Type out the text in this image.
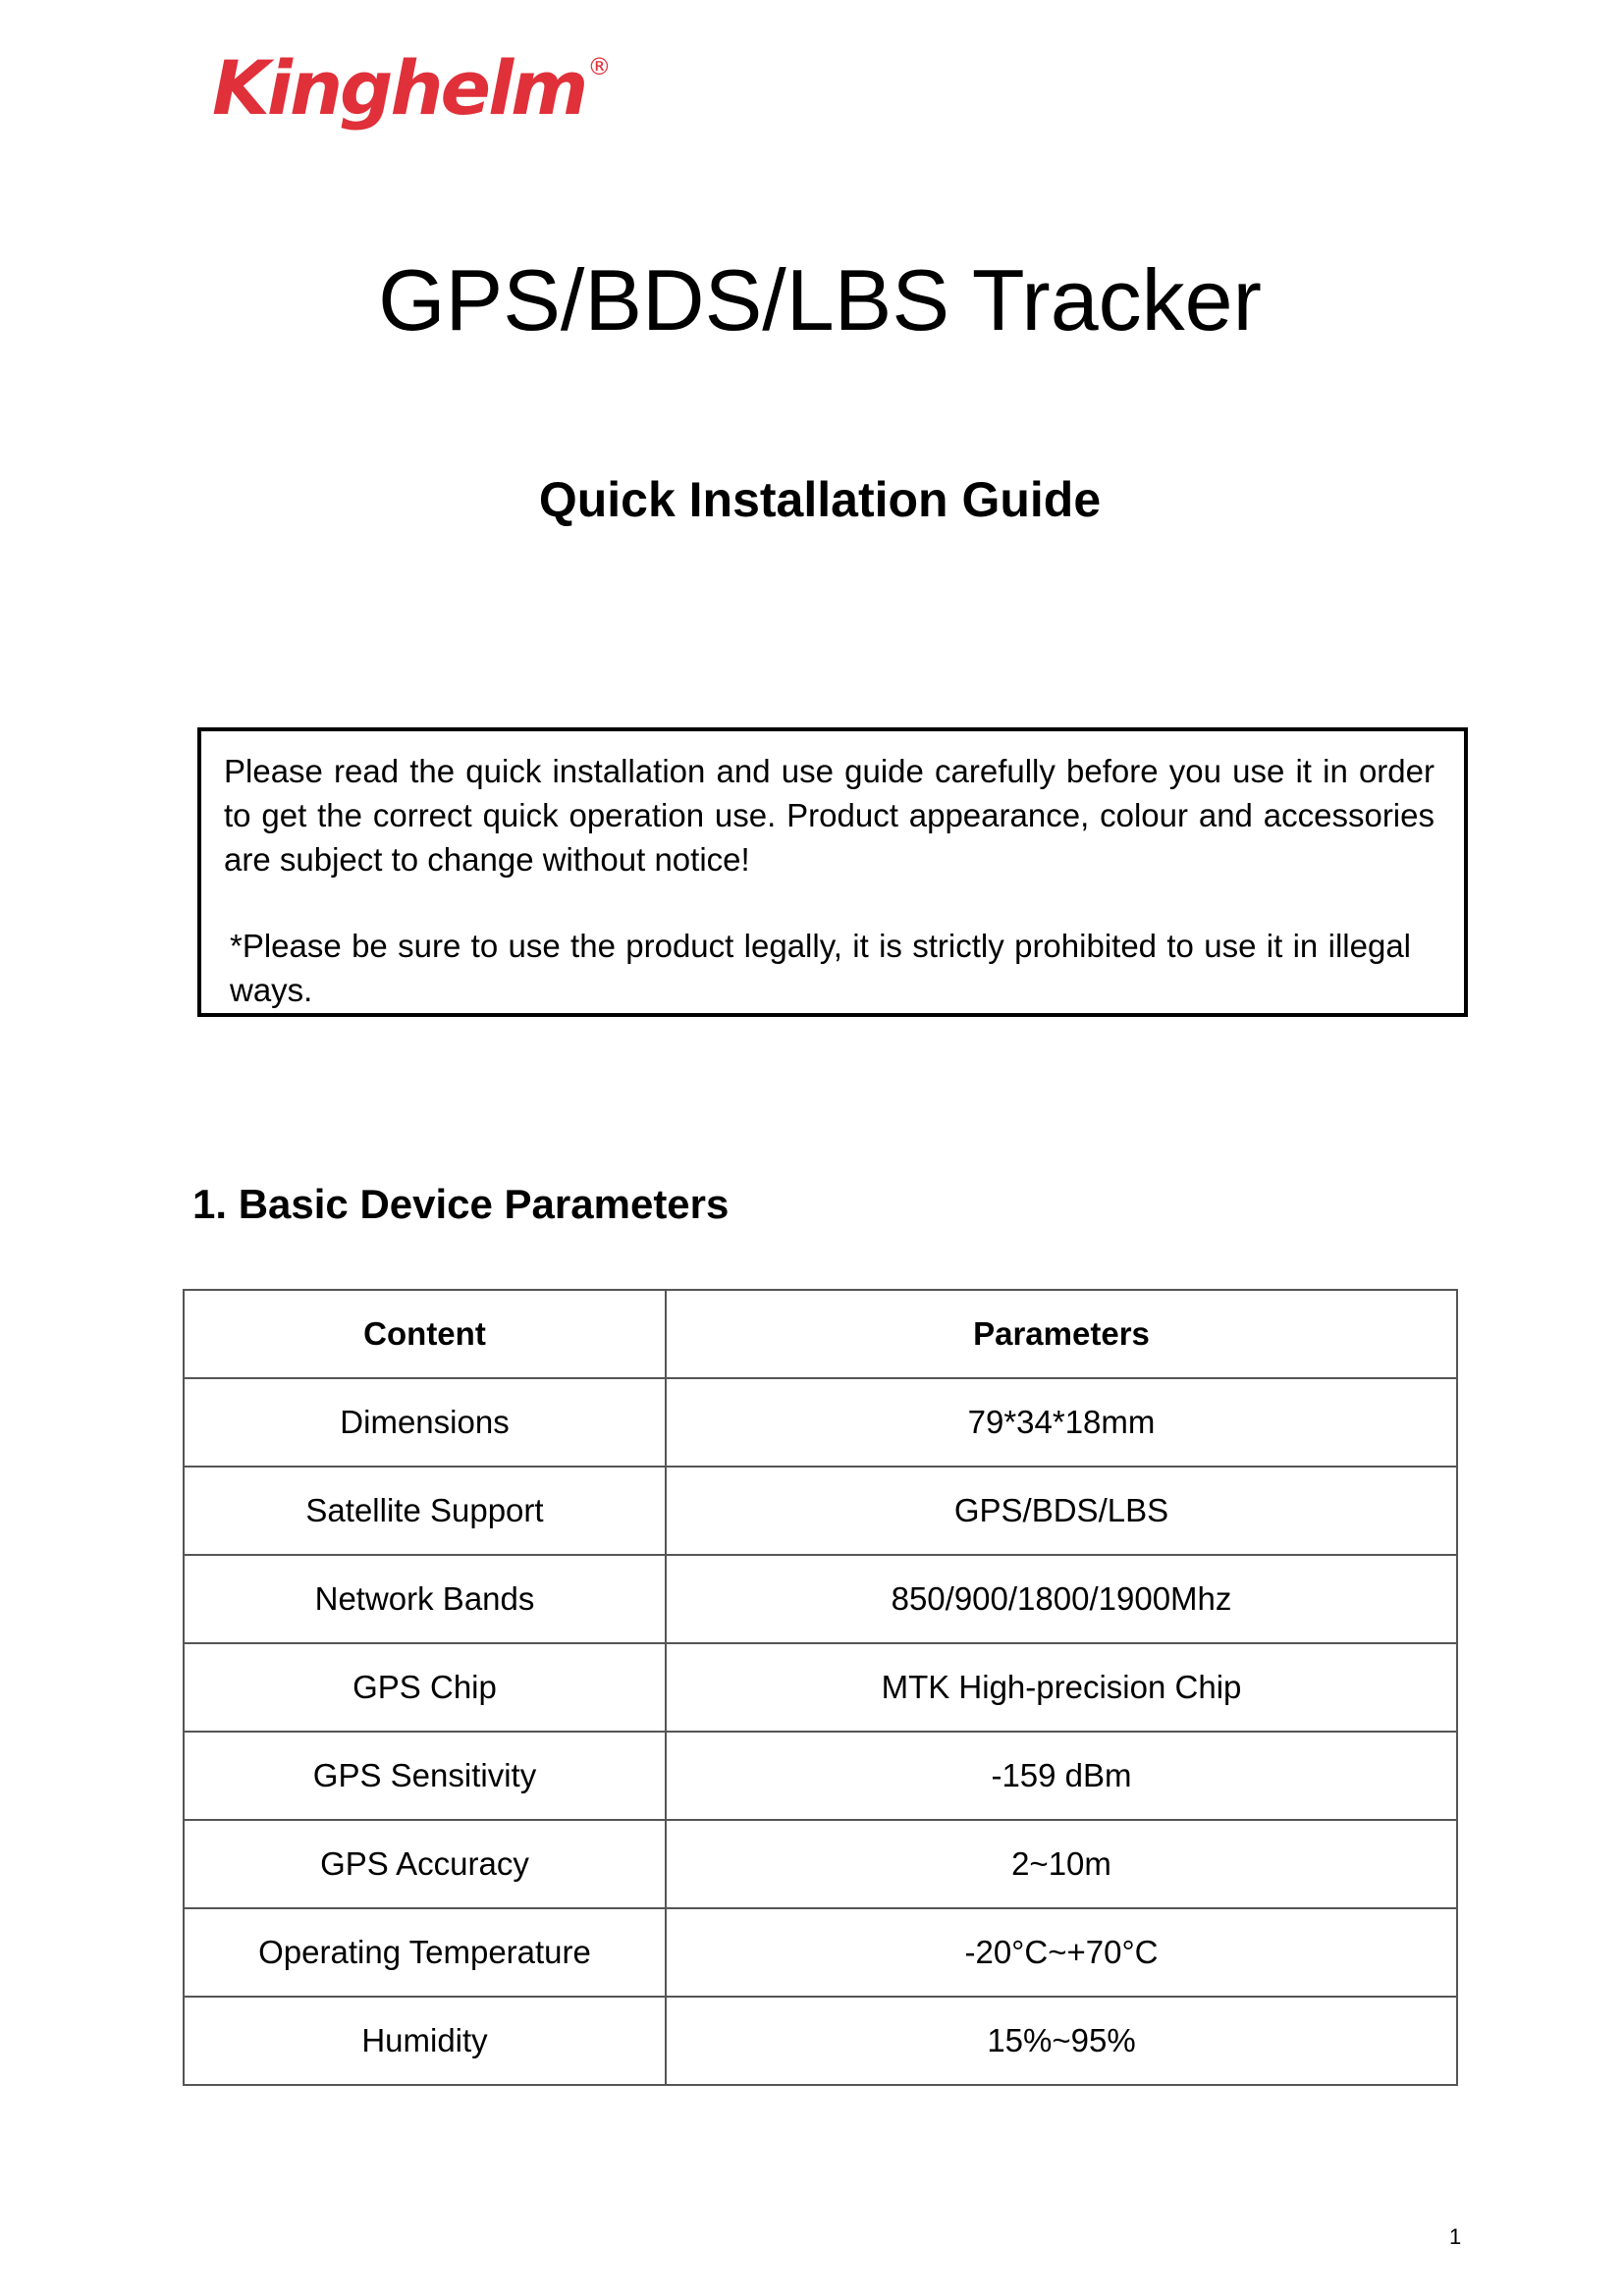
Kinghelm ®
GPS/BDS/LBS Tracker
Quick Installation Guide

Please read the quick installation and use guide carefully before you use it in order to get the correct quick operation use. Product appearance, colour and accessories are subject to change without notice!

*Please be sure to use the product legally, it is strictly prohibited to use it in illegal ways.

1. Basic Device Parameters
Content	Parameters
Dimensions	79*34*18mm
Satellite Support	GPS/BDS/LBS
Network Bands	850/900/1800/1900Mhz
GPS Chip	MTK High-precision Chip
GPS Sensitivity	-159 dBm
GPS Accuracy	2~10m
Operating Temperature	-20°C~+70°C
Humidity	15%~95%
1
